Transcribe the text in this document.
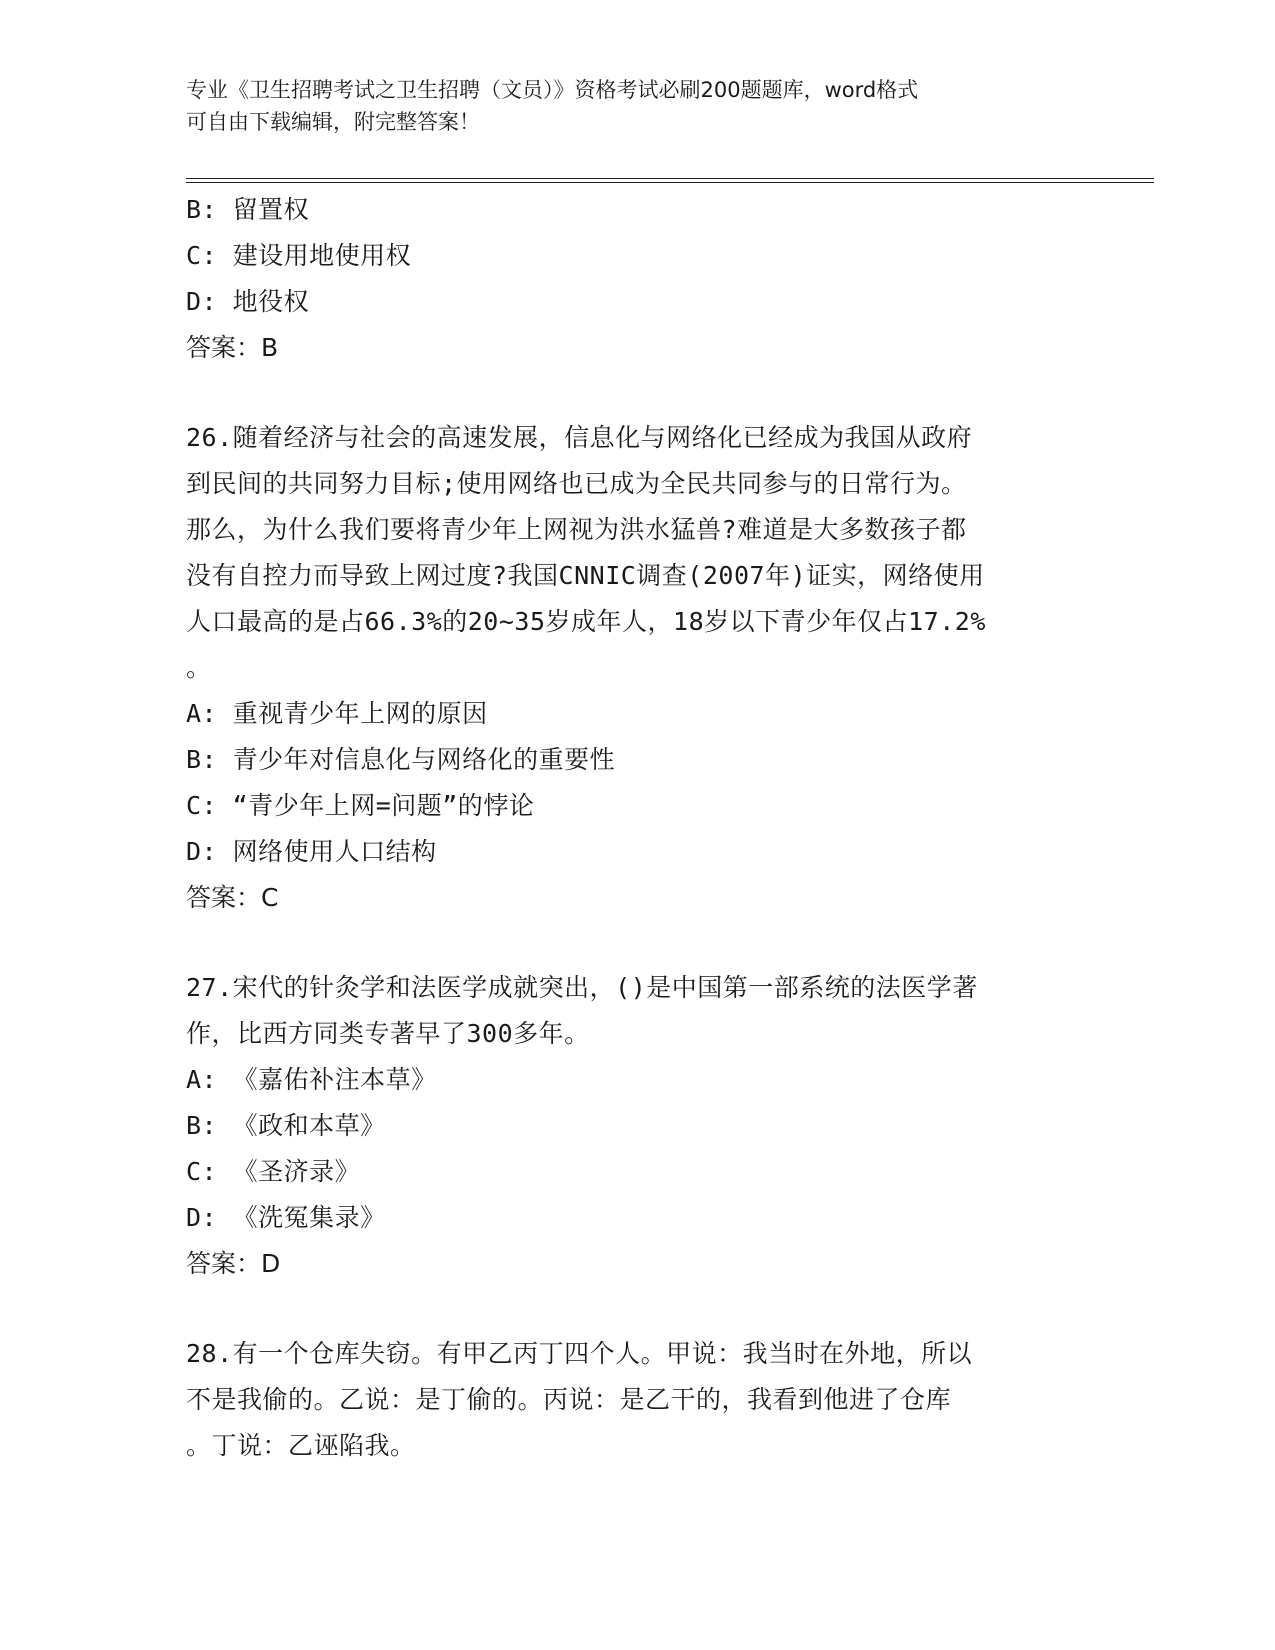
专业《卫生招聘考试之卫生招聘（文员）》资格考试必刷200题题库，word格式
可自由下载编辑，附完整答案！
B: 留置权
C: 建设用地使用权
D: 地役权
答案：B
26.随着经济与社会的高速发展，信息化与网络化已经成为我国从政府
到民间的共同努力目标;使用网络也已成为全民共同参与的日常行为。
那么，为什么我们要将青少年上网视为洪水猛兽?难道是大多数孩子都
没有自控力而导致上网过度?我国CNNIC调查(2007年)证实，网络使用
人口最高的是占66.3%的20~35岁成年人，18岁以下青少年仅占17.2%
。
A: 重视青少年上网的原因
B: 青少年对信息化与网络化的重要性
C: “青少年上网=问题”的悖论
D: 网络使用人口结构
答案：C
27.宋代的针灸学和法医学成就突出，()是中国第一部系统的法医学著
作，比西方同类专著早了300多年。
A: 《嘉佑补注本草》
B: 《政和本草》
C: 《圣济录》
D: 《洗冤集录》
答案：D
28.有一个仓库失窃。有甲乙丙丁四个人。甲说：我当时在外地，所以
不是我偷的。乙说：是丁偷的。丙说：是乙干的，我看到他进了仓库
。丁说：乙诬陷我。
